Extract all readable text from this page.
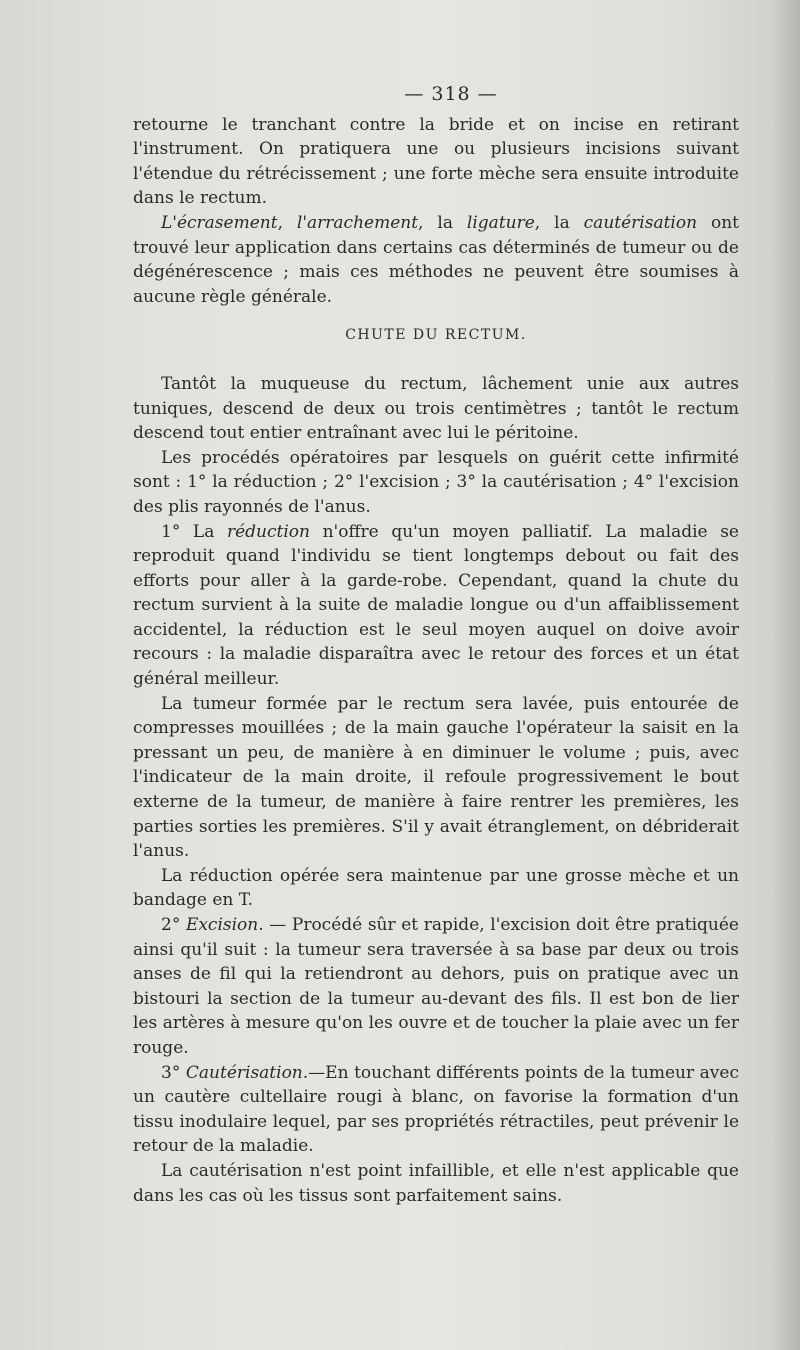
— 318 —

retourne le tranchant contre la bride et on incise en retirant l'instrument. On pratiquera une ou plusieurs incisions suivant l'étendue du rétrécissement ; une forte mèche sera ensuite introduite dans le rectum.

L'écrasement, l'arrachement, la ligature, la cautérisation ont trouvé leur application dans certains cas déterminés de tumeur ou de dégénérescence ; mais ces méthodes ne peuvent être soumises à aucune règle générale.

CHUTE DU RECTUM.

Tantôt la muqueuse du rectum, lâchement unie aux autres tuniques, descend de deux ou trois centimètres ; tantôt le rectum descend tout entier entraînant avec lui le péritoine.

Les procédés opératoires par lesquels on guérit cette infirmité sont : 1° la réduction ; 2° l'excision ; 3° la cautérisation ; 4° l'excision des plis rayonnés de l'anus.

1° La réduction n'offre qu'un moyen palliatif. La maladie se reproduit quand l'individu se tient longtemps debout ou fait des efforts pour aller à la garde-robe. Cependant, quand la chute du rectum survient à la suite de maladie longue ou d'un affaiblissement accidentel, la réduction est le seul moyen auquel on doive avoir recours : la maladie disparaîtra avec le retour des forces et un état général meilleur.

La tumeur formée par le rectum sera lavée, puis entourée de compresses mouillées ; de la main gauche l'opérateur la saisit en la pressant un peu, de manière à en diminuer le volume ; puis, avec l'indicateur de la main droite, il refoule progressivement le bout externe de la tumeur, de manière à faire rentrer les premières, les parties sorties les premières. S'il y avait étranglement, on débriderait l'anus.

La réduction opérée sera maintenue par une grosse mèche et un bandage en T.

2° Excision. — Procédé sûr et rapide, l'excision doit être pratiquée ainsi qu'il suit : la tumeur sera traversée à sa base par deux ou trois anses de fil qui la retiendront au dehors, puis on pratique avec un bistouri la section de la tumeur au-devant des fils. Il est bon de lier les artères à mesure qu'on les ouvre et de toucher la plaie avec un fer rouge.

3° Cautérisation.—En touchant différents points de la tumeur avec un cautère cultellaire rougi à blanc, on favorise la formation d'un tissu inodulaire lequel, par ses propriétés rétractiles, peut prévenir le retour de la maladie.

La cautérisation n'est point infaillible, et elle n'est applicable que dans les cas où les tissus sont parfaitement sains.
